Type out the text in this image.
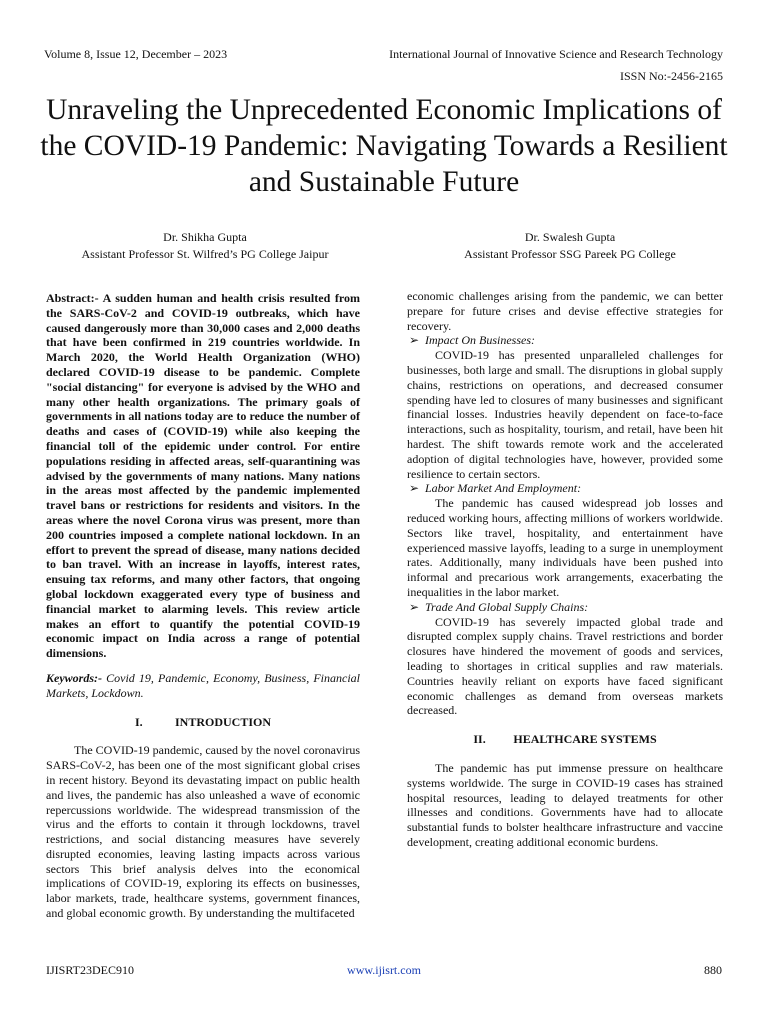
Volume 8, Issue 12, December – 2023	International Journal of Innovative Science and Research Technology
ISSN No:-2456-2165
Unraveling the Unprecedented Economic Implications of the COVID-19 Pandemic: Navigating Towards a Resilient and Sustainable Future
Dr. Shikha Gupta
Assistant Professor St. Wilfred’s PG College Jaipur
Dr. Swalesh Gupta
Assistant Professor SSG Pareek PG College

Abstract:- A sudden human and health crisis resulted from the SARS-CoV-2 and COVID-19 outbreaks, which have caused dangerously more than 30,000 cases and 2,000 deaths that have been confirmed in 219 countries worldwide. In March 2020, the World Health Organization (WHO) declared COVID-19 disease to be pandemic. Complete "social distancing" for everyone is advised by the WHO and many other health organizations. The primary goals of governments in all nations today are to reduce the number of deaths and cases of (COVID-19) while also keeping the financial toll of the epidemic under control. For entire populations residing in affected areas, self-quarantining was advised by the governments of many nations. Many nations in the areas most affected by the pandemic implemented travel bans or restrictions for residents and visitors. In the areas where the novel Corona virus was present, more than 200 countries imposed a complete national lockdown. In an effort to prevent the spread of disease, many nations decided to ban travel. With an increase in layoffs, interest rates, ensuing tax reforms, and many other factors, that ongoing global lockdown exaggerated every type of business and financial market to alarming levels. This review article makes an effort to quantify the potential COVID-19 economic impact on India across a range of potential dimensions.

Keywords:- Covid 19, Pandemic, Economy, Business, Financial Markets, Lockdown.

I.	INTRODUCTION

The COVID-19 pandemic, caused by the novel coronavirus SARS-CoV-2, has been one of the most significant global crises in recent history. Beyond its devastating impact on public health and lives, the pandemic has also unleashed a wave of economic repercussions worldwide. The widespread transmission of the virus and the efforts to contain it through lockdowns, travel restrictions, and social distancing measures have severely disrupted economies, leaving lasting impacts across various sectors This brief analysis delves into the economical implications of COVID-19, exploring its effects on businesses, labor markets, trade, healthcare systems, government finances, and global economic growth. By understanding the multifaceted

economic challenges arising from the pandemic, we can better prepare for future crises and devise effective strategies for recovery.

➢ Impact On Businesses:

COVID-19 has presented unparalleled challenges for businesses, both large and small. The disruptions in global supply chains, restrictions on operations, and decreased consumer spending have led to closures of many businesses and significant financial losses. Industries heavily dependent on face-to-face interactions, such as hospitality, tourism, and retail, have been hit hardest. The shift towards remote work and the accelerated adoption of digital technologies have, however, provided some resilience to certain sectors.

➢ Labor Market And Employment:

The pandemic has caused widespread job losses and reduced working hours, affecting millions of workers worldwide. Sectors like travel, hospitality, and entertainment have experienced massive layoffs, leading to a surge in unemployment rates. Additionally, many individuals have been pushed into informal and precarious work arrangements, exacerbating the inequalities in the labor market.

➢ Trade And Global Supply Chains:

COVID-19 has severely impacted global trade and disrupted complex supply chains. Travel restrictions and border closures have hindered the movement of goods and services, leading to shortages in critical supplies and raw materials. Countries heavily reliant on exports have faced significant economic challenges as demand from overseas markets decreased.

II. HEALTHCARE SYSTEMS

The pandemic has put immense pressure on healthcare systems worldwide. The surge in COVID-19 cases has strained hospital resources, leading to delayed treatments for other illnesses and conditions. Governments have had to allocate substantial funds to bolster healthcare infrastructure and vaccine development, creating additional economic burdens.

IJISRT23DEC910	www.ijisrt.com	880
